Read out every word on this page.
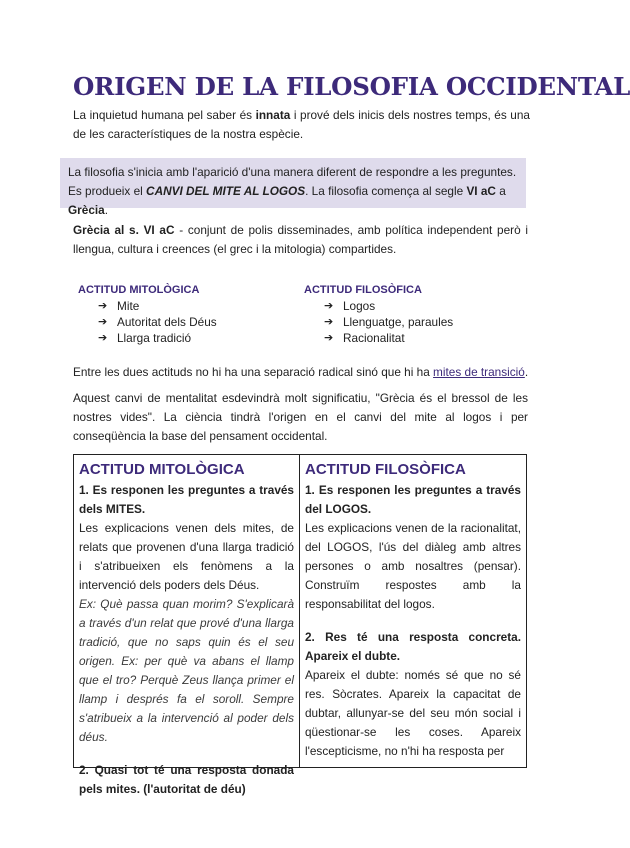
ORIGEN DE LA FILOSOFIA OCCIDENTAL
La inquietud humana pel saber és innata i prové dels inicis dels nostres temps, és una de les característiques de la nostra espècie.
La filosofia s'inicia amb l'aparició d'una manera diferent de respondre a les preguntes. Es produeix el CANVI DEL MITE AL LOGOS. La filosofia comença al segle VI aC a Grècia.
Grècia al s. VI aC - conjunt de polis disseminades, amb política independent però i llengua, cultura i creences (el grec i la mitologia) compartides.
ACTITUD MITOLÒGICA
➔ Mite
➔ Autoritat dels Déus
➔ Llarga tradició
ACTITUD FILOSÒFICA
➔ Logos
➔ Llenguatge, paraules
➔ Racionalitat
Entre les dues actituds no hi ha una separació radical sinó que hi ha mites de transició.
Aquest canvi de mentalitat esdevindrà molt significatiu, "Grècia és el bressol de les nostres vides". La ciència tindrà l'origen en el canvi del mite al logos i per conseqüència la base del pensament occidental.
ACTITUD MITOLÒGICA

1. Es responen les preguntes a través dels MITES.

Les explicacions venen dels mites, de relats que provenen d'una llarga tradició i s'atribueixen els fenòmens a la intervenció dels poders dels Déus.

Ex: Què passa quan morim? S'explicarà a través d'un relat que prové d'una llarga tradició, que no saps quin és el seu origen. Ex: per què va abans el llamp que el tro? Perquè Zeus llança primer el llamp i després fa el soroll. Sempre s'atribueix a la intervenció al poder dels déus.

2. Quasi tot té una resposta donada pels mites. (l'autoritat de déu)

ACTITUD FILOSÒFICA

1. Es responen les preguntes a través del LOGOS.

Les explicacions venen de la racionalitat, del LOGOS, l'ús del diàleg amb altres persones o amb nosaltres (pensar). Construïm respostes amb la responsabilitat del logos.

2. Res té una resposta concreta. Apareix el dubte.

Apareix el dubte: només sé que no sé res. Sòcrates. Apareix la capacitat de dubtar, allunyar-se del seu món social i qüestionar-se les coses. Apareix l'escepticisme, no n'hi ha resposta per
